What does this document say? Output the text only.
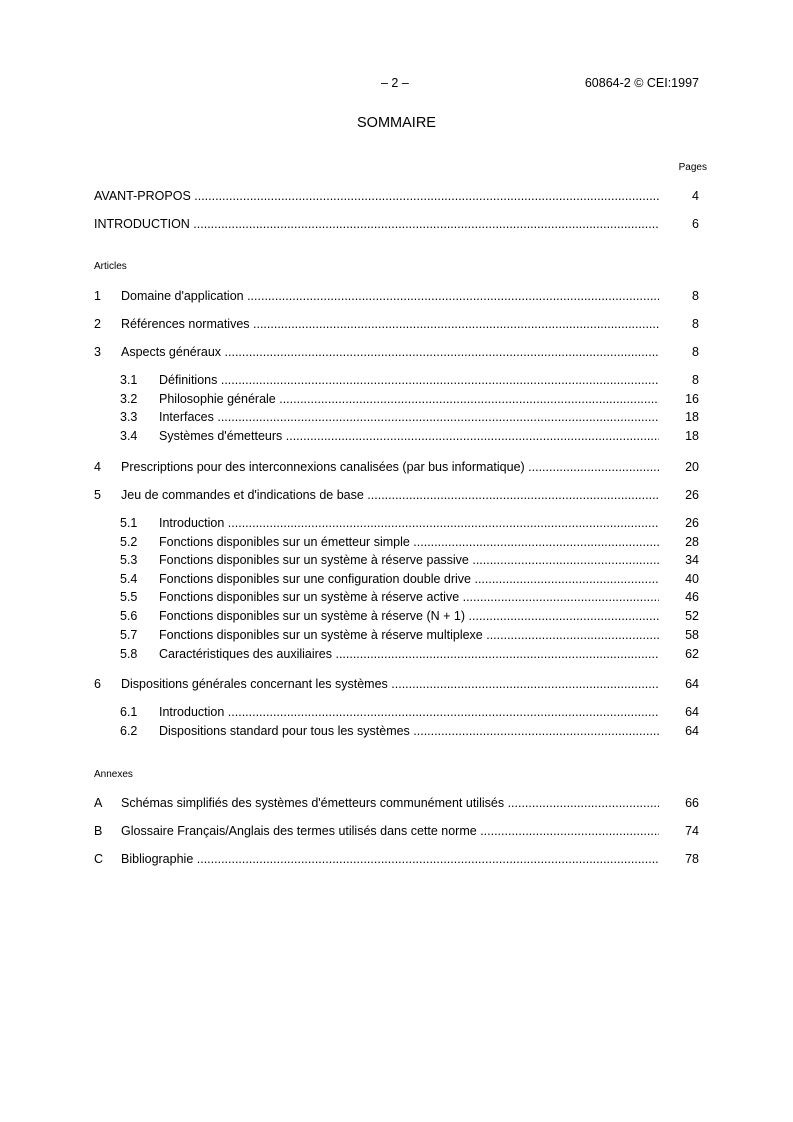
– 2 –	60864-2 © CEI:1997
SOMMAIRE
Pages
AVANT-PROPOS .....	4
INTRODUCTION .....	6
Articles
1 Domaine d'application .....	8
2 Références normatives .....	8
3 Aspects généraux .....	8
3.1 Définitions .....	8
3.2 Philosophie générale .....	16
3.3 Interfaces .....	18
3.4 Systèmes d'émetteurs .....	18
4 Prescriptions pour des interconnexions canalisées (par bus informatique) .....	20
5 Jeu de commandes et d'indications de base .....	26
5.1 Introduction .....	26
5.2 Fonctions disponibles sur un émetteur simple .....	28
5.3 Fonctions disponibles sur un système à réserve passive .....	34
5.4 Fonctions disponibles sur une configuration double drive .....	40
5.5 Fonctions disponibles sur un système à réserve active .....	46
5.6 Fonctions disponibles sur un système à réserve (N + 1) .....	52
5.7 Fonctions disponibles sur un système à réserve multiplexe .....	58
5.8 Caractéristiques des auxiliaires .....	62
6 Dispositions générales concernant les systèmes .....	64
6.1 Introduction .....	64
6.2 Dispositions standard pour tous les systèmes .....	64
Annexes
A Schémas simplifiés des systèmes d'émetteurs communément utilisés .....	66
B Glossaire Français/Anglais des termes utilisés dans cette norme .....	74
C Bibliographie .....	78
